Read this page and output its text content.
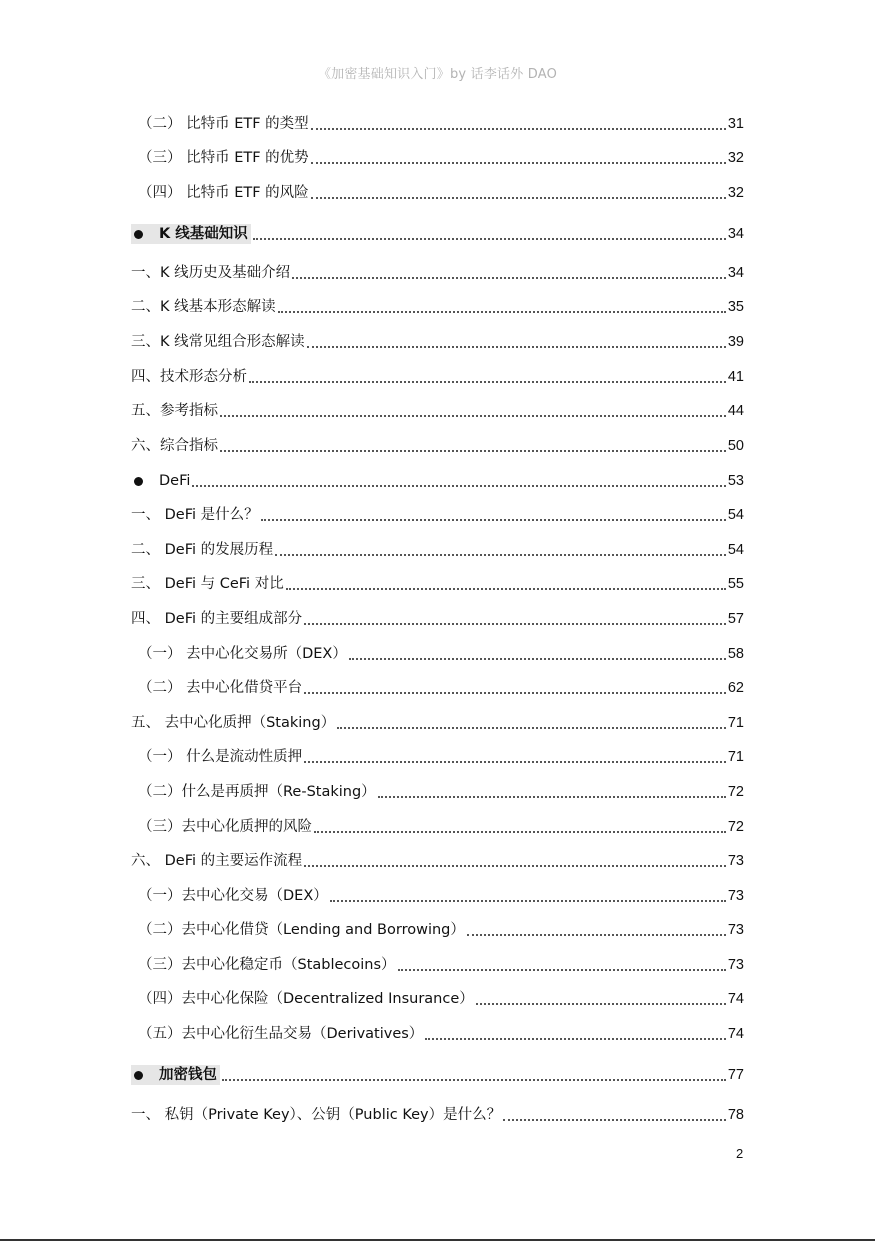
《加密基础知识入门》by 话李话外 DAO
（二） 比特币 ETF 的类型	31
（三） 比特币 ETF 的优势	32
（四） 比特币 ETF 的风险	32
K 线基础知识	34
一、K 线历史及基础介绍	34
二、K 线基本形态解读	35
三、K 线常见组合形态解读	39
四、技术形态分析	41
五、参考指标	44
六、综合指标	50
DeFi	53
一、 DeFi 是什么？	54
二、 DeFi 的发展历程	54
三、 DeFi 与 CeFi 对比	55
四、 DeFi 的主要组成部分	57
（一） 去中心化交易所（DEX）	58
（二） 去中心化借贷平台	62
五、 去中心化质押（Staking）	71
（一） 什么是流动性质押	71
（二）什么是再质押（Re-Staking）	72
（三）去中心化质押的风险	72
六、 DeFi 的主要运作流程	73
（一）去中心化交易（DEX）	73
（二）去中心化借贷（Lending and Borrowing）	73
（三）去中心化稳定币（Stablecoins）	73
（四）去中心化保险（Decentralized Insurance）	74
（五）去中心化衍生品交易（Derivatives）	74
加密钱包	77
一、 私钥（Private Key）、公钥（Public Key）是什么？	78
2
